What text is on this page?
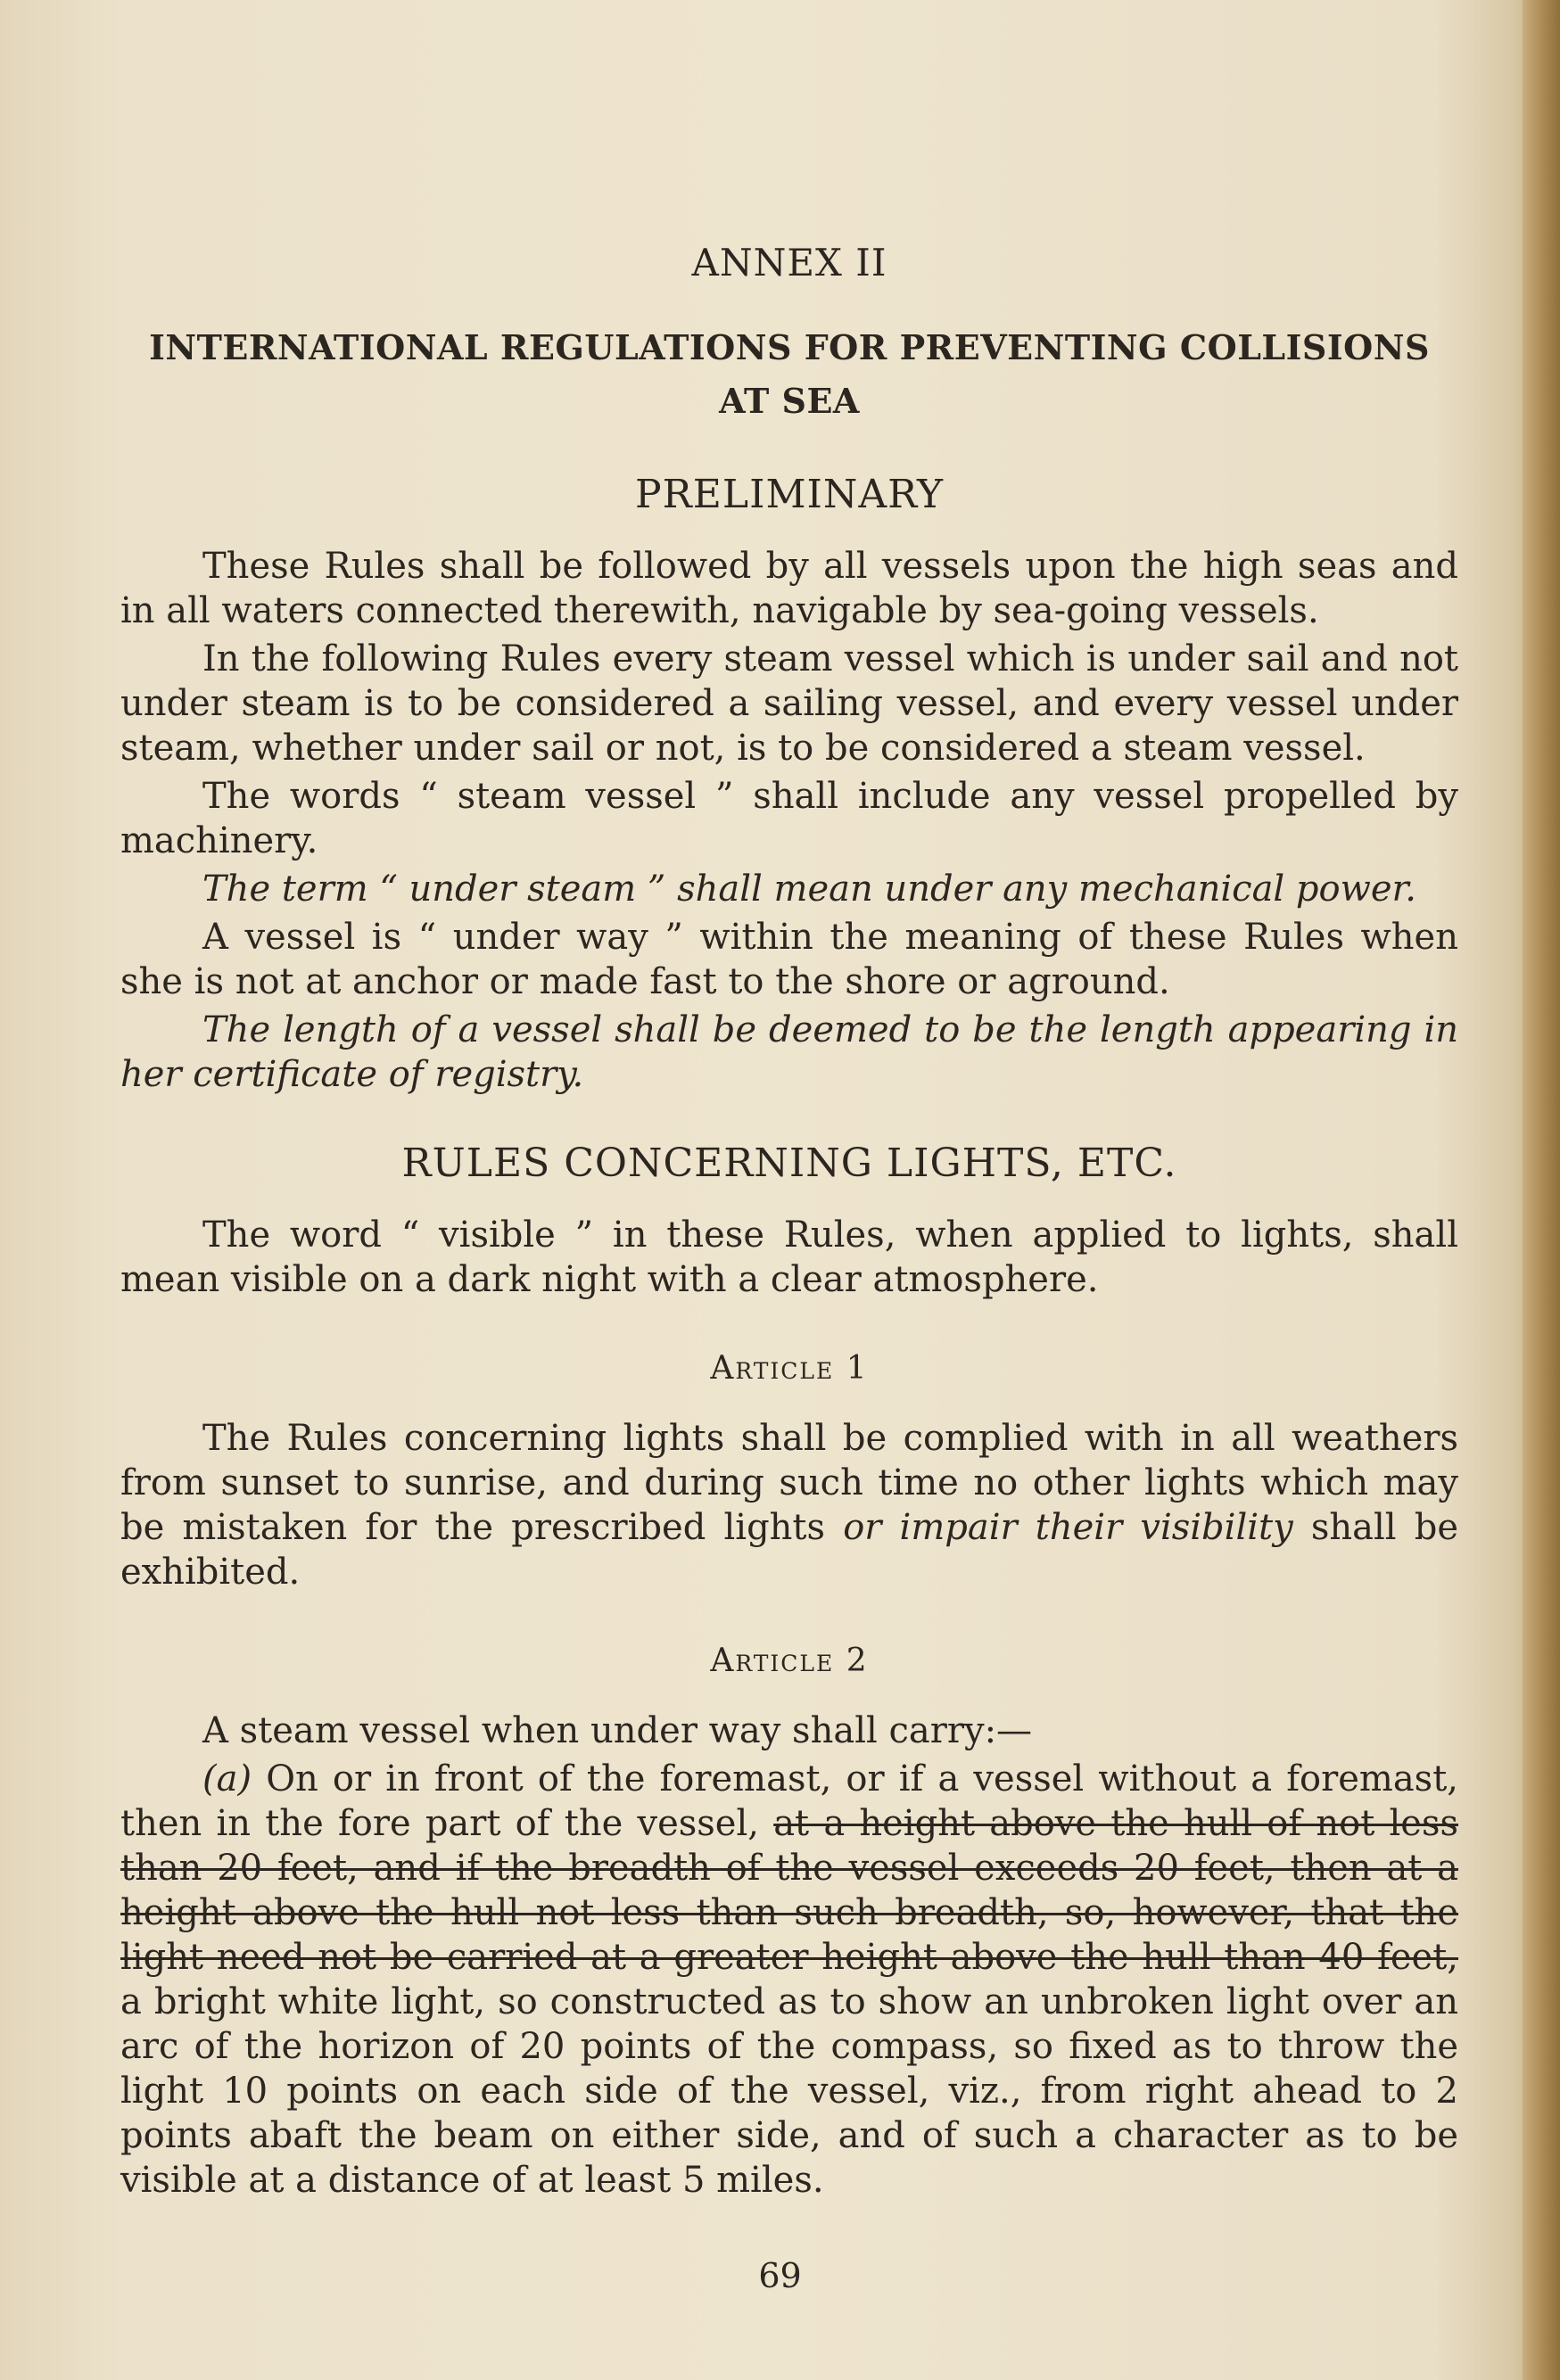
ANNEX II
INTERNATIONAL REGULATIONS FOR PREVENTING COLLISIONS
AT SEA
PRELIMINARY

These Rules shall be followed by all vessels upon the high seas and in all waters connected therewith, navigable by sea-going vessels.

In the following Rules every steam vessel which is under sail and not under steam is to be considered a sailing vessel, and every vessel under steam, whether under sail or not, is to be considered a steam vessel.

The words “ steam vessel ” shall include any vessel propelled by machinery.

The term “ under steam ” shall mean under any mechanical power.

A vessel is “ under way ” within the meaning of these Rules when she is not at anchor or made fast to the shore or aground.

The length of a vessel shall be deemed to be the length appearing in her certificate of registry.

RULES CONCERNING LIGHTS, ETC.

The word “ visible ” in these Rules, when applied to lights, shall mean visible on a dark night with a clear atmosphere.

Article 1

The Rules concerning lights shall be complied with in all weathers from sunset to sunrise, and during such time no other lights which may be mistaken for the prescribed lights or impair their visibility shall be exhibited.

Article 2

A steam vessel when under way shall carry:—

(a) On or in front of the foremast, or if a vessel without a foremast, then in the fore part of the vessel, at a height above the hull of not less than 20 feet, and if the breadth of the vessel exceeds 20 feet, then at a height above the hull not less than such breadth, so, however, that the light need not be carried at a greater height above the hull than 40 feet, a bright white light, so constructed as to show an unbroken light over an arc of the horizon of 20 points of the compass, so fixed as to throw the light 10 points on each side of the vessel, viz., from right ahead to 2 points abaft the beam on either side, and of such a character as to be visible at a distance of at least 5 miles.

69
